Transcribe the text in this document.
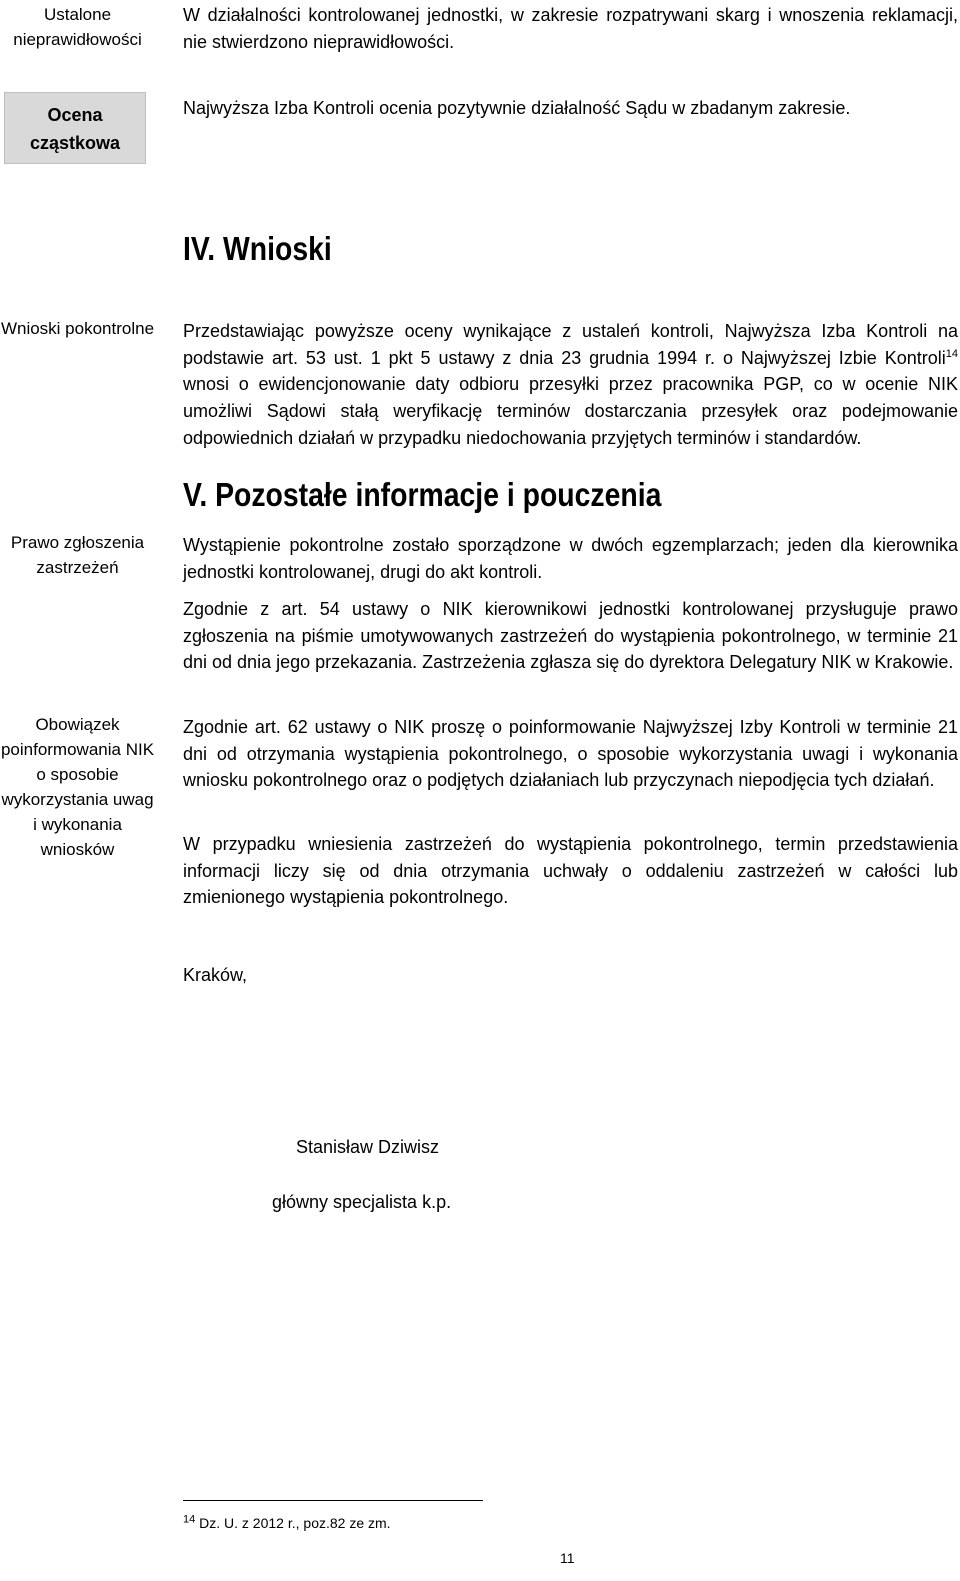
Ustalone nieprawidłowości
W działalności kontrolowanej jednostki, w zakresie rozpatrywani skarg i wnoszenia reklamacji, nie stwierdzono nieprawidłowości.
Ocena cząstkowa
Najwyższa Izba Kontroli ocenia pozytywnie działalność Sądu w zbadanym zakresie.
IV. Wnioski
Wnioski pokontrolne Przedstawiając powyższe oceny wynikające z ustaleń kontroli, Najwyższa Izba Kontroli na podstawie art. 53 ust. 1 pkt 5 ustawy z dnia 23 grudnia 1994 r. o Najwyższej Izbie Kontroli$^{14}$ wnosi o ewidencjonowanie daty odbioru przesyłki przez pracownika PGP, co w ocenie NIK umożliwi Sądowi stałą weryfikację terminów dostarczania przesyłek oraz podejmowanie odpowiednich działań w przypadku niedochowania przyjętych terminów i standardów.
V. Pozostałe informacje i pouczenia
Prawo zgłoszenia zastrzeżeń
Wystąpienie pokontrolne zostało sporządzone w dwóch egzemplarzach; jeden dla kierownika jednostki kontrolowanej, drugi do akt kontroli.
Zgodnie z art. 54 ustawy o NIK kierownikowi jednostki kontrolowanej przysługuje prawo zgłoszenia na piśmie umotywowanych zastrzeżeń do wystąpienia pokontrolnego, w terminie 21 dni od dnia jego przekazania. Zastrzeżenia zgłasza się do dyrektora Delegatury NIK w Krakowie.
Obowiązek poinformowania NIK o sposobie wykorzystania uwag i wykonania wniosków
Zgodnie art. 62 ustawy o NIK proszę o poinformowanie Najwyższej Izby Kontroli w terminie 21 dni od otrzymania wystąpienia pokontrolnego, o sposobie wykorzystania uwagi i wykonania wniosku pokontrolnego oraz o podjętych działaniach lub przyczynach niepodjęcia tych działań.
W przypadku wniesienia zastrzeżeń do wystąpienia pokontrolnego, termin przedstawienia informacji liczy się od dnia otrzymania uchwały o oddaleniu zastrzeżeń w całości lub zmienionego wystąpienia pokontrolnego.
Kraków,
Stanisław Dziwisz
główny specjalista k.p.
$^{14}$ Dz. U. z 2012 r., poz.82 ze zm.
11
